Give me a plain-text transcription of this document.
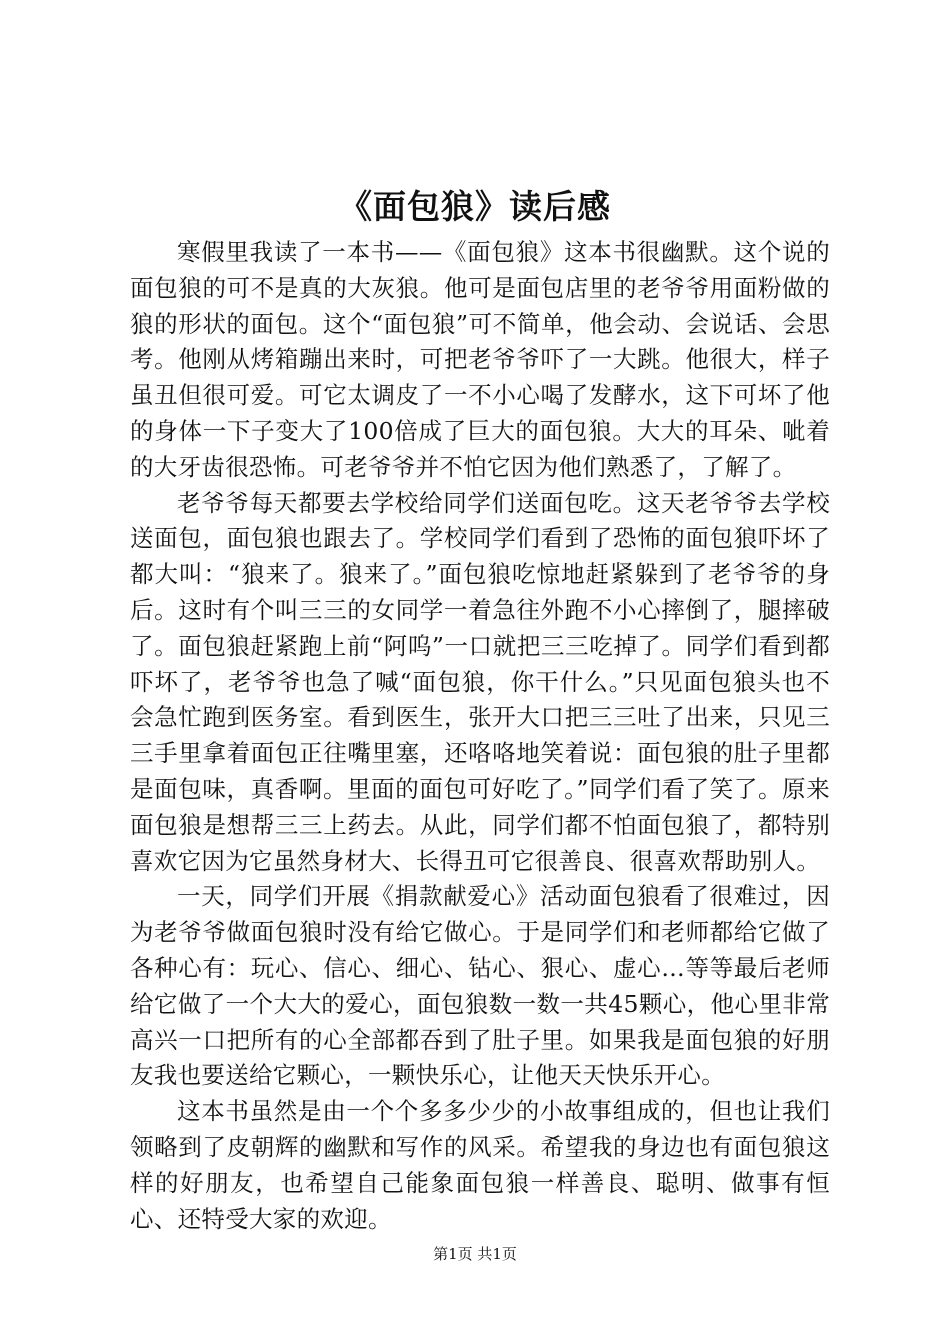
《面包狼》读后感

寒假里我读了一本书——《面包狼》这本书很幽默。这个说的面包狼的可不是真的大灰狼。他可是面包店里的老爷爷用面粉做的狼的形状的面包。这个“面包狼”可不简单，他会动、会说话、会思考。他刚从烤箱蹦出来时，可把老爷爷吓了一大跳。他很大，样子虽丑但很可爱。可它太调皮了一不小心喝了发酵水，这下可坏了他的身体一下子变大了100倍成了巨大的面包狼。大大的耳朵、呲着的大牙齿很恐怖。可老爷爷并不怕它因为他们熟悉了，了解了。

老爷爷每天都要去学校给同学们送面包吃。这天老爷爷去学校送面包，面包狼也跟去了。学校同学们看到了恐怖的面包狼吓坏了都大叫：“狼来了。狼来了。”面包狼吃惊地赶紧躲到了老爷爷的身后。这时有个叫三三的女同学一着急往外跑不小心摔倒了，腿摔破了。面包狼赶紧跑上前“阿呜”一口就把三三吃掉了。同学们看到都吓坏了，老爷爷也急了喊“面包狼，你干什么。”只见面包狼头也不会急忙跑到医务室。看到医生，张开大口把三三吐了出来，只见三三手里拿着面包正往嘴里塞，还咯咯地笑着说：面包狼的肚子里都是面包味，真香啊。里面的面包可好吃了。”同学们看了笑了。原来面包狼是想帮三三上药去。从此，同学们都不怕面包狼了，都特别喜欢它因为它虽然身材大、长得丑可它很善良、很喜欢帮助别人。

一天，同学们开展《捐款献爱心》活动面包狼看了很难过，因为老爷爷做面包狼时没有给它做心。于是同学们和老师都给它做了各种心有：玩心、信心、细心、钻心、狠心、虚心…等等最后老师给它做了一个大大的爱心，面包狼数一数一共45颗心，他心里非常高兴一口把所有的心全部都吞到了肚子里。如果我是面包狼的好朋友我也要送给它颗心，一颗快乐心，让他天天快乐开心。

这本书虽然是由一个个多多少少的小故事组成的，但也让我们领略到了皮朝辉的幽默和写作的风采。希望我的身边也有面包狼这样的好朋友，也希望自己能象面包狼一样善良、聪明、做事有恒心、还特受大家的欢迎。

第1页 共1页
